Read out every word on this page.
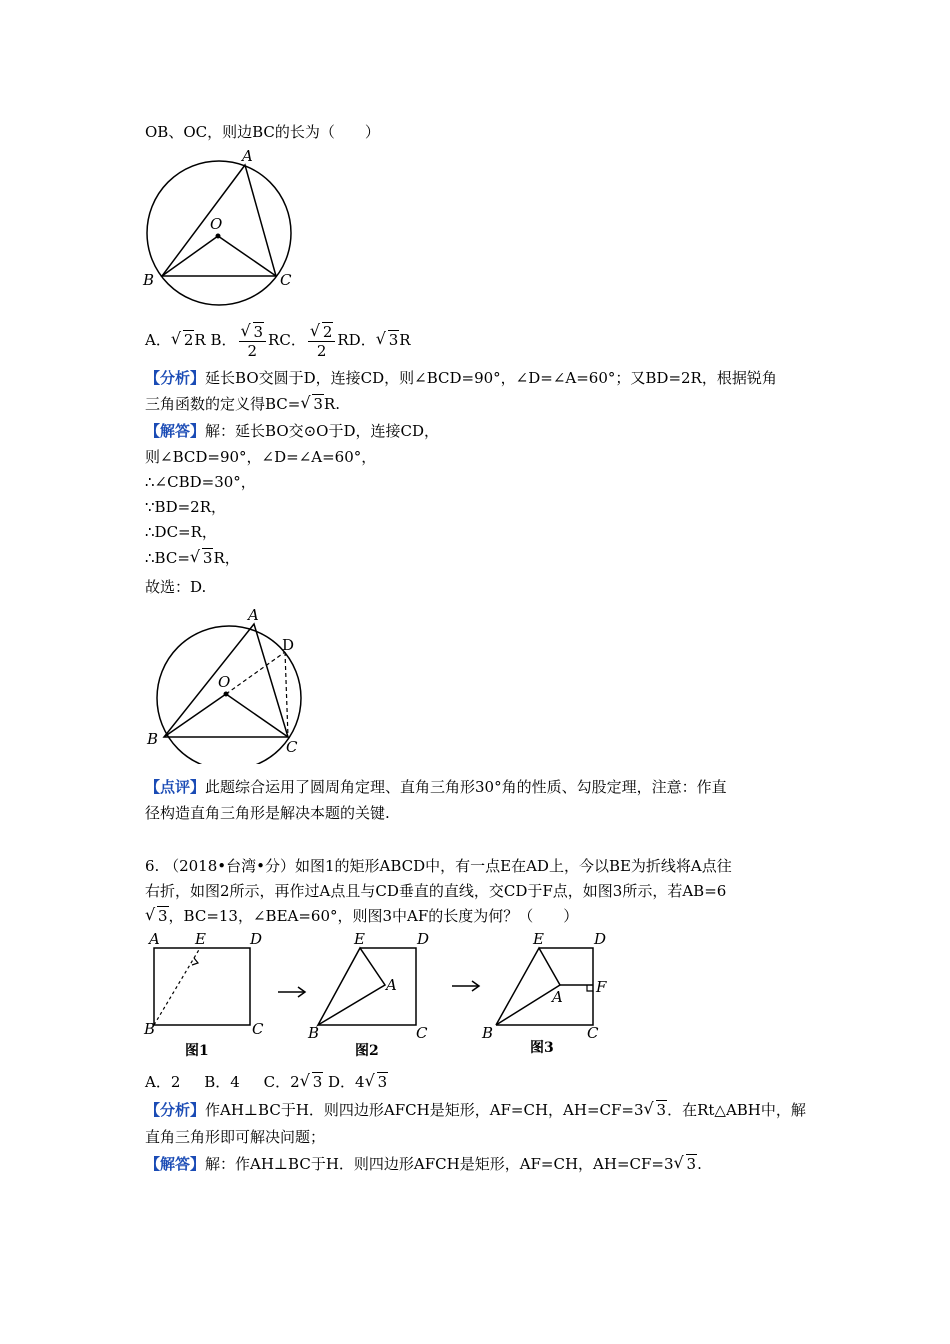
OB、OC，则边BC的长为（　　）
A
O
B	C
A． √ 2R B． $\frac{√ 3}{2}$ RC． $\frac{√ 2}{2}$ RD． √ 3R
【分析】延长BO交圆于D，连接CD，则∠BCD=90°，∠D=∠A=60°；又BD=2R，根据锐角
三角函数的定义得BC= √ 3R.
【解答】解：延长BO交⊙O于D，连接CD，
则∠BCD=90°，∠D=∠A=60°，
∴∠CBD=30°，
∵BD=2R，
∴DC=R，
∴BC= √ 3R，
故选：D.
A
O
B	C
D
【点评】此题综合运用了圆周角定理、直角三角形30°角的性质、勾股定理，注意：作直
径构造直角三角形是解决本题的关键.
6. （2018•台湾•分）如图1的矩形ABCD中，有一点E在AD上，今以BE为折线将A点往
右折，如图2所示，再作过A点且与CD垂直的直线，交CD于F点，如图3所示，若AB=6
√ 3，BC=13，∠BEA=60°，则图3中AF的长度为何？（　　）
A E	D
B	C
图1
E	D
A
B	C
图2
E	D
A
F
B	C
图3
A．2 B．4 C．2 √ 3 D．4 √ 3
【分析】作AH⊥BC于H．则四边形AFCH是矩形，AF=CH，AH=CF=3 √ 3．在Rt△ABH中，解
直角三角形即可解决问题；
【解答】解：作AH⊥BC于H．则四边形AFCH是矩形，AF=CH，AH=CF=3 √ 3.
